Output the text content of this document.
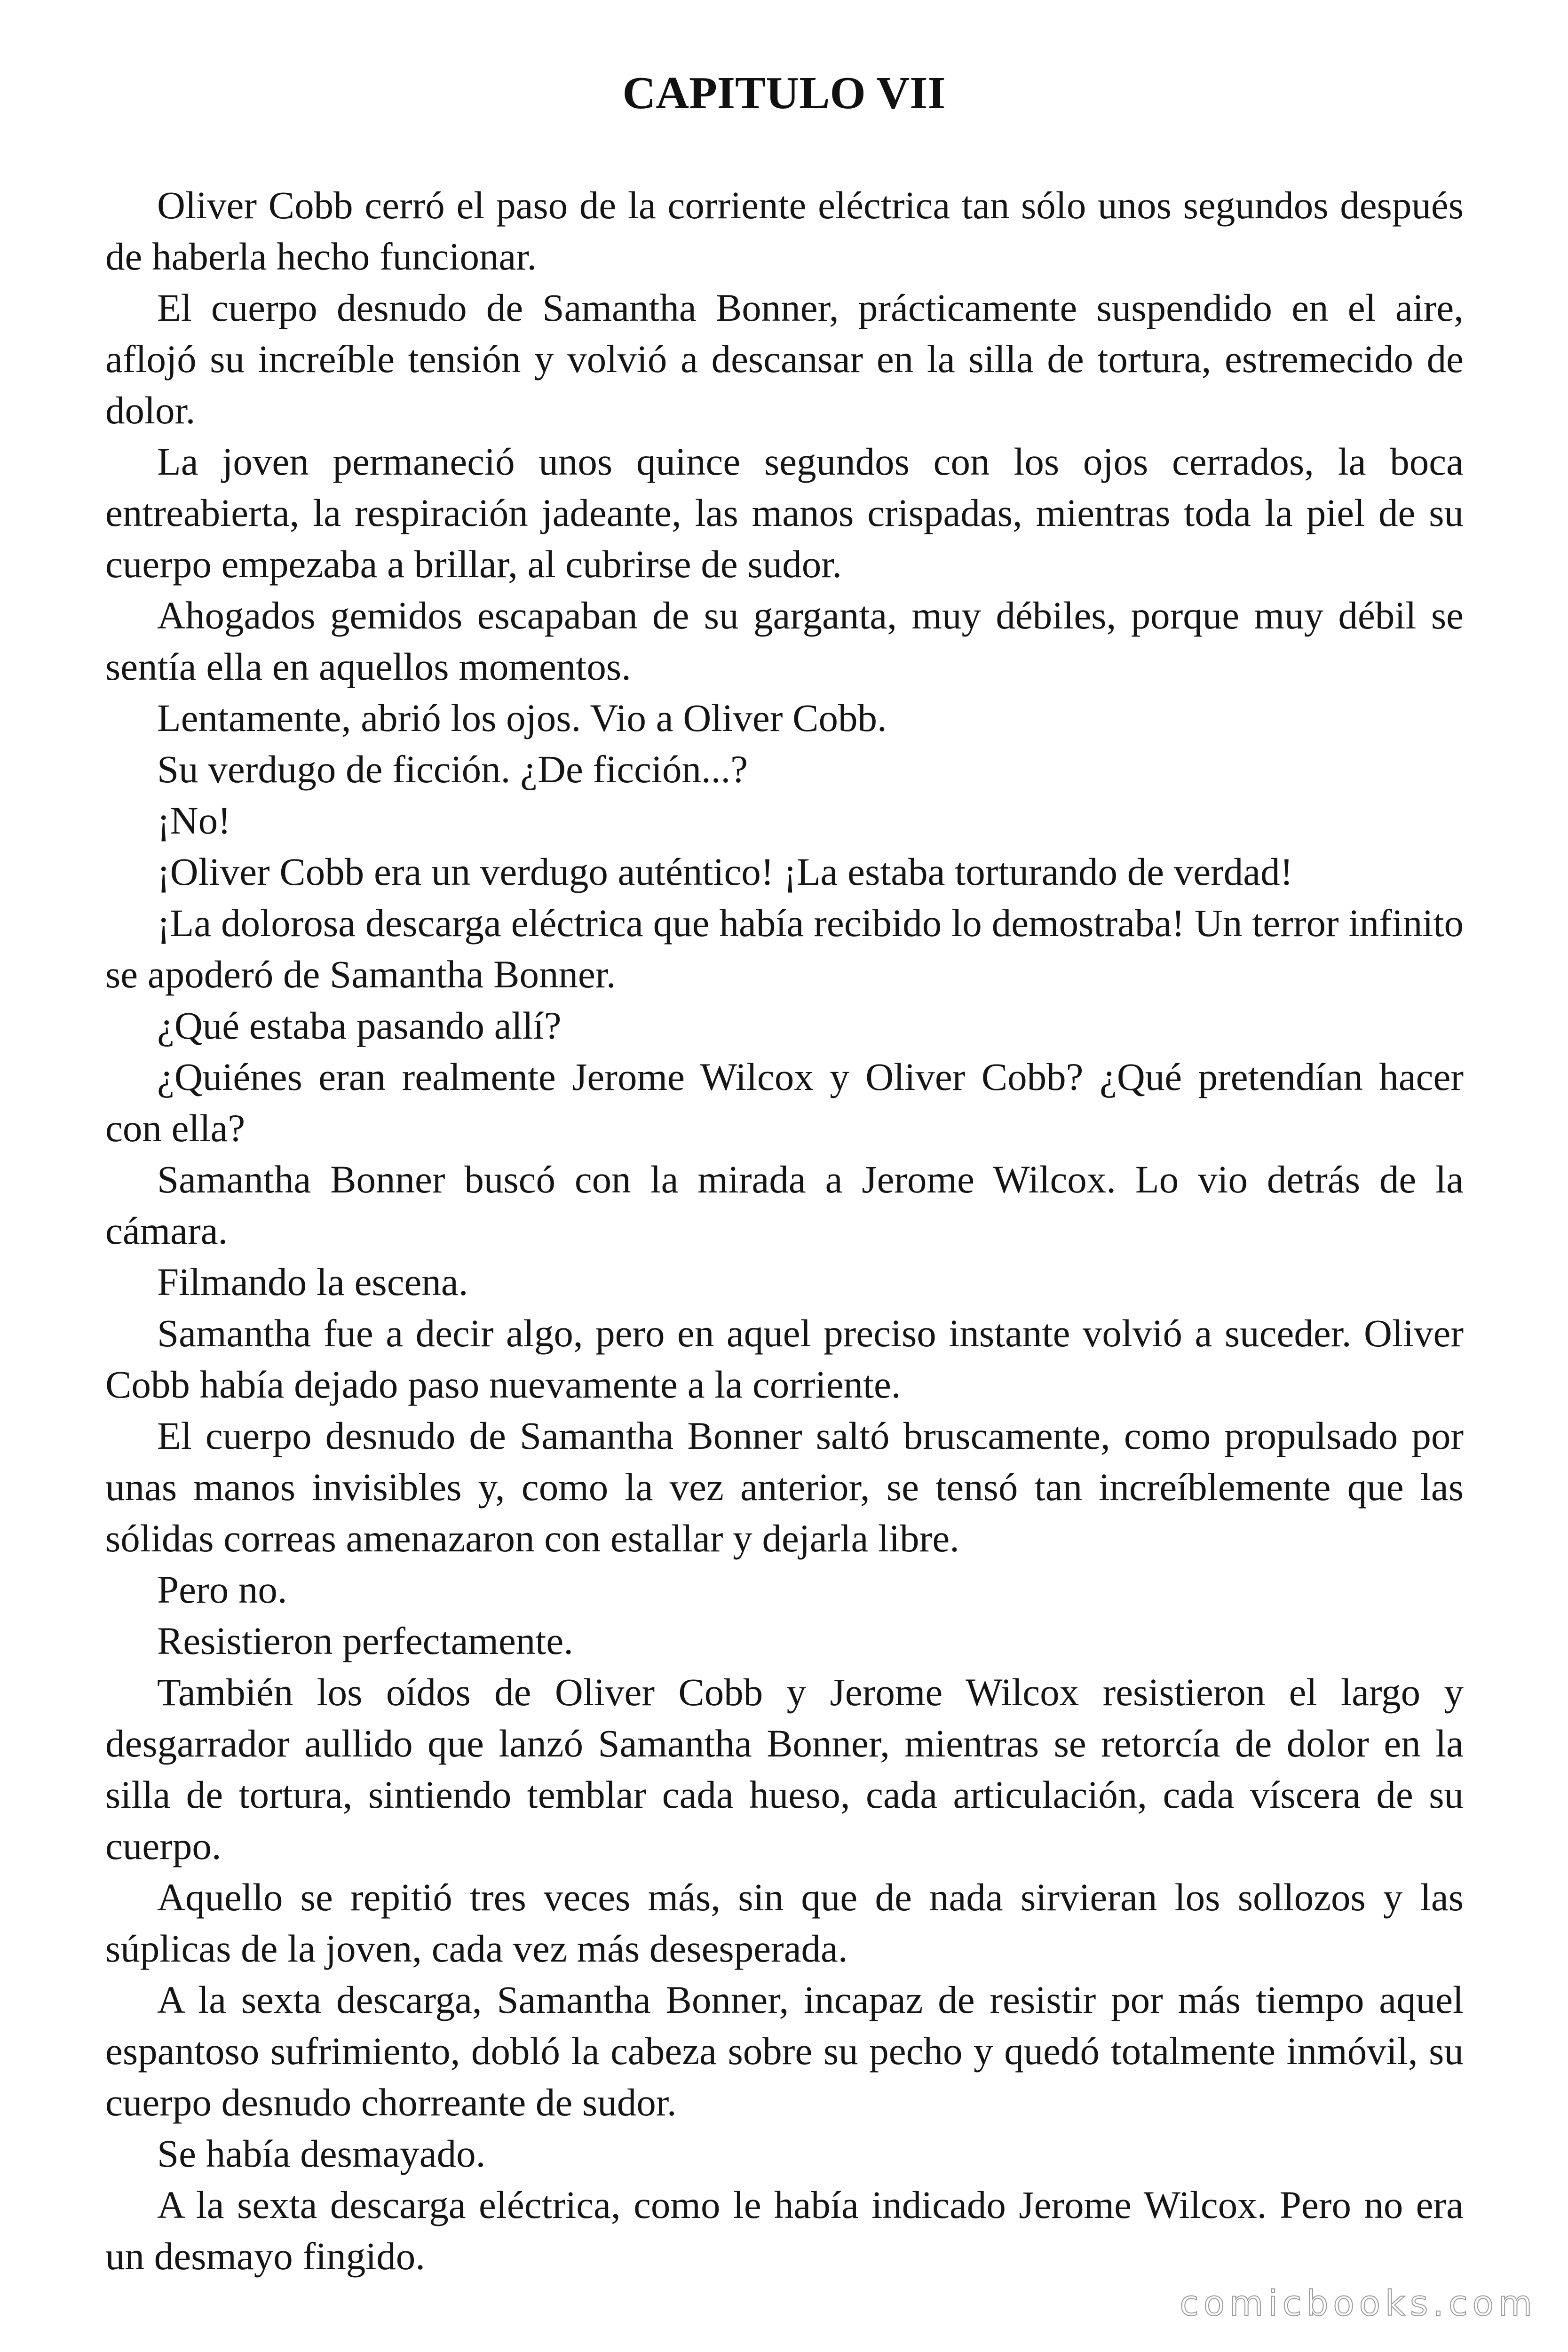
CAPITULO VII

Oliver Cobb cerró el paso de la corriente eléctrica tan sólo unos segundos después de haberla hecho funcionar.

El cuerpo desnudo de Samantha Bonner, prácticamente suspendido en el aire, aflojó su increíble tensión y volvió a descansar en la silla de tortura, estremecido de dolor.

La joven permaneció unos quince segundos con los ojos cerrados, la boca entreabierta, la respiración jadeante, las manos crispadas, mientras toda la piel de su cuerpo empezaba a brillar, al cubrirse de sudor.

Ahogados gemidos escapaban de su garganta, muy débiles, porque muy débil se sentía ella en aquellos momentos.

Lentamente, abrió los ojos. Vio a Oliver Cobb.

Su verdugo de ficción. ¿De ficción...?

¡No!

¡Oliver Cobb era un verdugo auténtico! ¡La estaba torturando de verdad!

¡La dolorosa descarga eléctrica que había recibido lo demostraba! Un terror infinito se apoderó de Samantha Bonner.

¿Qué estaba pasando allí?

¿Quiénes eran realmente Jerome Wilcox y Oliver Cobb? ¿Qué pretendían hacer con ella?

Samantha Bonner buscó con la mirada a Jerome Wilcox. Lo vio detrás de la cámara.

Filmando la escena.

Samantha fue a decir algo, pero en aquel preciso instante volvió a suceder. Oliver Cobb había dejado paso nuevamente a la corriente.

El cuerpo desnudo de Samantha Bonner saltó bruscamente, como propulsado por unas manos invisibles y, como la vez anterior, se tensó tan increíblemente que las sólidas correas amenazaron con estallar y dejarla libre.

Pero no.

Resistieron perfectamente.

También los oídos de Oliver Cobb y Jerome Wilcox resistieron el largo y desgarrador aullido que lanzó Samantha Bonner, mientras se retorcía de dolor en la silla de tortura, sintiendo temblar cada hueso, cada articulación, cada víscera de su cuerpo.

Aquello se repitió tres veces más, sin que de nada sirvieran los sollozos y las súplicas de la joven, cada vez más desesperada.

A la sexta descarga, Samantha Bonner, incapaz de resistir por más tiempo aquel espantoso sufrimiento, dobló la cabeza sobre su pecho y quedó totalmente inmóvil, su cuerpo desnudo chorreante de sudor.

Se había desmayado.

A la sexta descarga eléctrica, como le había indicado Jerome Wilcox. Pero no era un desmayo fingido.

comicbooks.com
